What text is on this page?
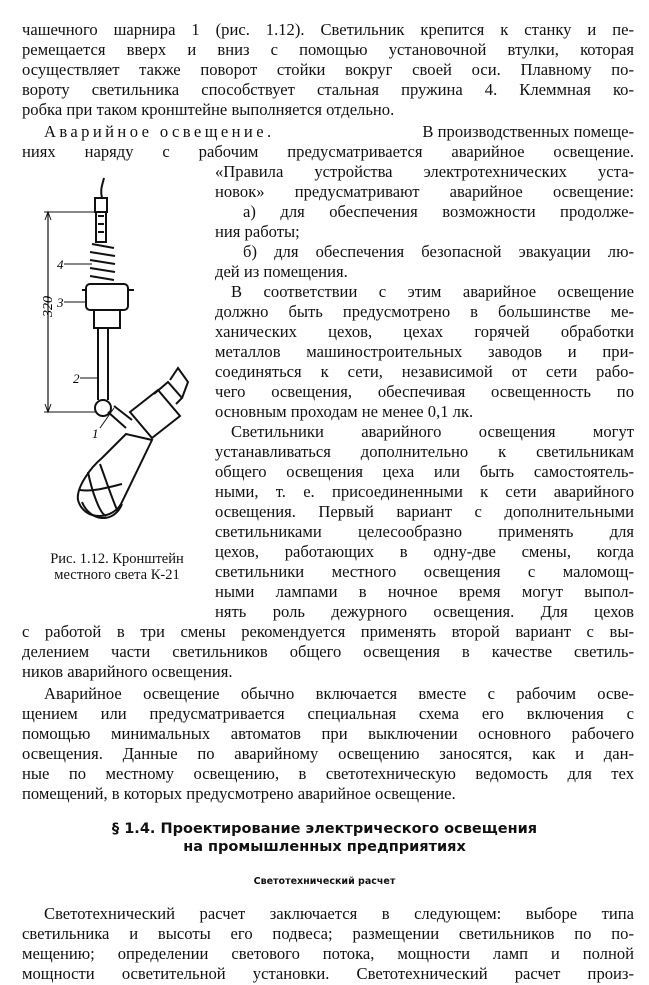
чашечного шарнира 1 (рис. 1.12). Светильник крепится к станку и пе-
ремещается вверх и вниз с помощью установочной втулки, которая
осуществляет также поворот стойки вокруг своей оси. Плавному по-
вороту светильника способствует стальная пружина 4. Клеммная ко-
робка при таком кронштейне выполняется отдельно.
Аварийное освещение.	В производственных помеще-
ниях наряду с рабочим предусматривается аварийное освещение.
320
4
3
2
1
Рис. 1.12. Кронштейн
местного света К-21
«Правила устройства электротехнических уста-
новок» предусматривают аварийное освещение:
а) для обеспечения возможности продолже-
ния работы;
б) для обеспечения безопасной эвакуации лю-
дей из помещения.
В соответствии с этим аварийное освещение
должно быть предусмотрено в большинстве ме-
ханических цехов, цехах горячей обработки
металлов машиностроительных заводов и при-
соединяться к сети, независимой от сети рабо-
чего освещения, обеспечивая освещенность по
основным проходам не менее 0,1 лк.
Светильники аварийного освещения могут
устанавливаться дополнительно к светильникам
общего освещения цеха или быть самостоятель-
ными, т. е. присоединенными к сети аварийного
освещения. Первый вариант с дополнительными
светильниками целесообразно применять для
цехов, работающих в одну-две смены, когда
светильники местного освещения с маломощ-
ными лампами в ночное время могут выпол-
нять роль дежурного освещения. Для цехов
с работой в три смены рекомендуется применять второй вариант с вы-
делением части светильников общего освещения в качестве светиль-
ников аварийного освещения.
Аварийное освещение обычно включается вместе с рабочим осве-
щением или предусматривается специальная схема его включения с
помощью минимальных автоматов при выключении основного рабочего
освещения. Данные по аварийному освещению заносятся, как и дан-
ные по местному освещению, в светотехническую ведомость для тех
помещений, в которых предусмотрено аварийное освещение.
§ 1.4. Проектирование электрического освещения
на промышленных предприятиях
Светотехнический расчет
Светотехнический расчет заключается в следующем: выборе типа
светильника и высоты его подвеса; размещении светильников по по-
мещению; определении светового потока, мощности ламп и полной
мощности осветительной установки. Светотехнический расчет произ-
